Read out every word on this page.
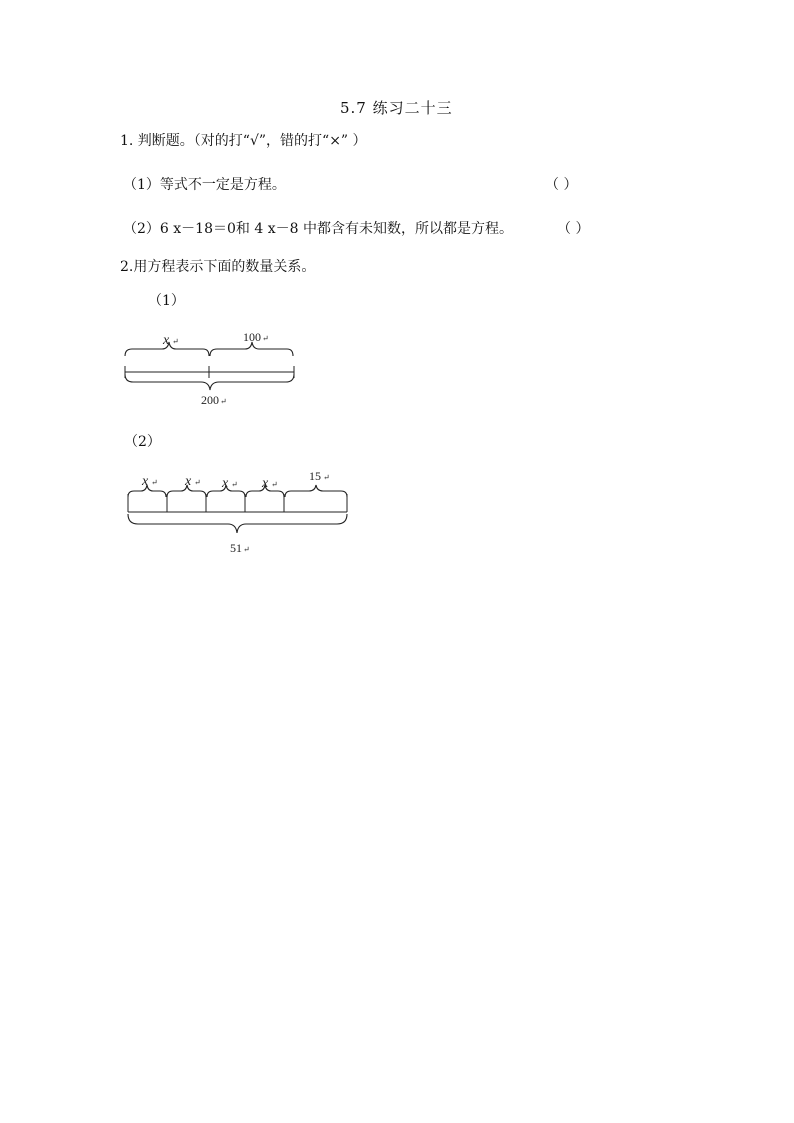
5.7 练习二十三
1. 判断题。（对的打“√”，错的打“×” ）
（1）等式不一定是方程。	（ ）
（2）6 x－18＝0和 4 x－8 中都含有未知数，所以都是方程。	（ ）
2.用方程表示下面的数量关系。
（1）
x ↵	100 ↵
200 ↵
（2）
x ↵ x ↵ x ↵ x ↵
15 ↵
51 ↵
